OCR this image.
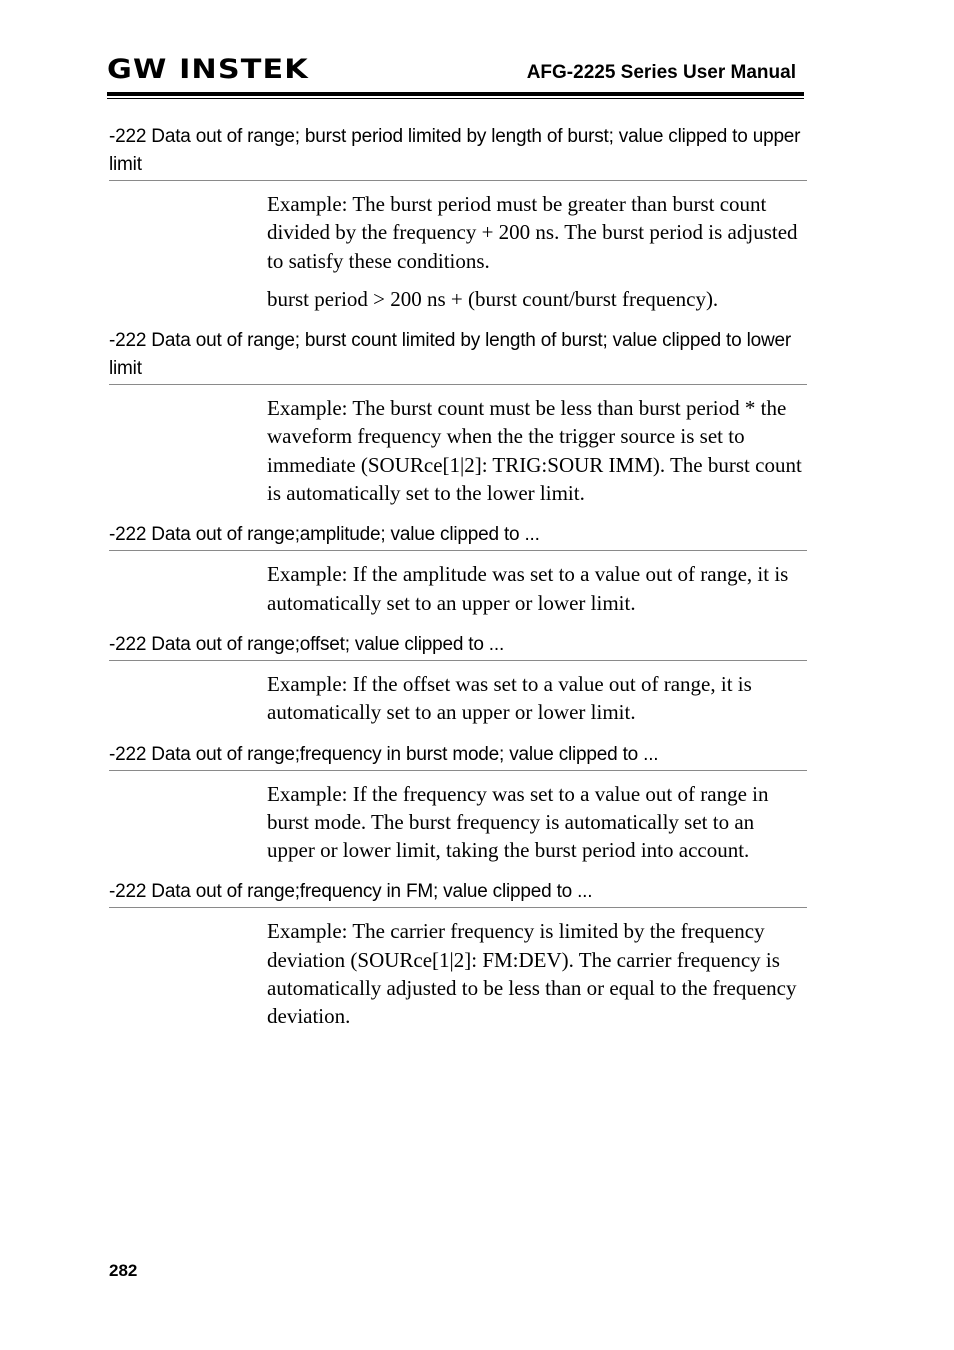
GW INSTEK	AFG-2225 Series User Manual
-222 Data out of range; burst period limited by length of burst; value clipped to upper limit

Example: The burst period must be greater than burst count divided by the frequency + 200 ns. The burst period is adjusted to satisfy these conditions.

burst period > 200 ns + (burst count/burst frequency).

-222 Data out of range; burst count limited by length of burst; value clipped to lower limit

Example: The burst count must be less than burst period * the waveform frequency when the the trigger source is set to immediate (SOURce[1|2]: TRIG:SOUR IMM). The burst count is automatically set to the lower limit.

-222 Data out of range;amplitude; value clipped to ...

Example: If the amplitude was set to a value out of range, it is automatically set to an upper or lower limit.

-222 Data out of range;offset; value clipped to ...

Example: If the offset was set to a value out of range, it is automatically set to an upper or lower limit.

-222 Data out of range;frequency in burst mode; value clipped to ...

Example: If the frequency was set to a value out of range in burst mode. The burst frequency is automatically set to an upper or lower limit, taking the burst period into account.

-222 Data out of range;frequency in FM; value clipped to ...

Example: The carrier frequency is limited by the frequency deviation (SOURce[1|2]: FM:DEV). The carrier frequency is automatically adjusted to be less than or equal to the frequency deviation.

282
